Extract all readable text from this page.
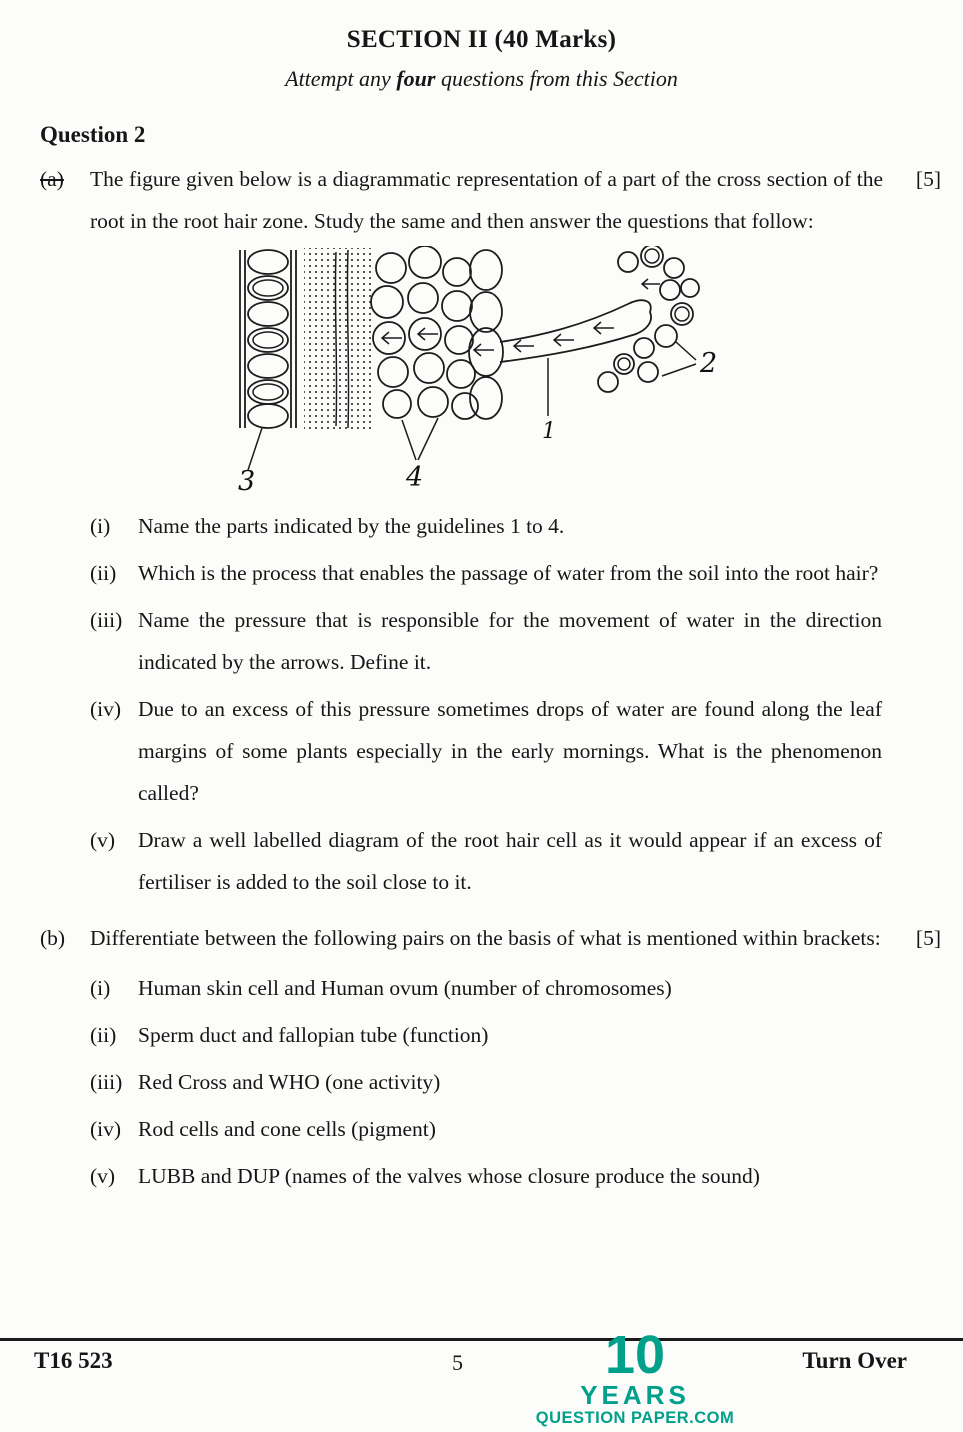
SECTION II (40 Marks)
Attempt any four questions from this Section
Question 2
(a)	The figure given below is a diagrammatic representation of a part of the cross section of the root in the root hair zone. Study the same and then answer the questions that follow:
[5]
1
2
3	4
(i)	Name the parts indicated by the guidelines 1 to 4.
(ii)	Which is the process that enables the passage of water from the soil into the root hair?
(iii) Name the pressure that is responsible for the movement of water in the direction indicated by the arrows. Define it.
(iv) Due to an excess of this pressure sometimes drops of water are found along the leaf margins of some plants especially in the early mornings. What is the phenomenon called?
(v)	Draw a well labelled diagram of the root hair cell as it would appear if an excess of fertiliser is added to the soil close to it.
(b)	Differentiate between the following pairs on the basis of what is mentioned within brackets:	[5]
(i)	Human skin cell and Human ovum (number of chromosomes)
(ii)	Sperm duct and fallopian tube (function)
(iii) Red Cross and WHO (one activity)
(iv) Rod cells and cone cells (pigment)
(v)	LUBB and DUP (names of the valves whose closure produce the sound)
T16 523	5	Turn Over
10
YEARS
QUESTION PAPER.COM
